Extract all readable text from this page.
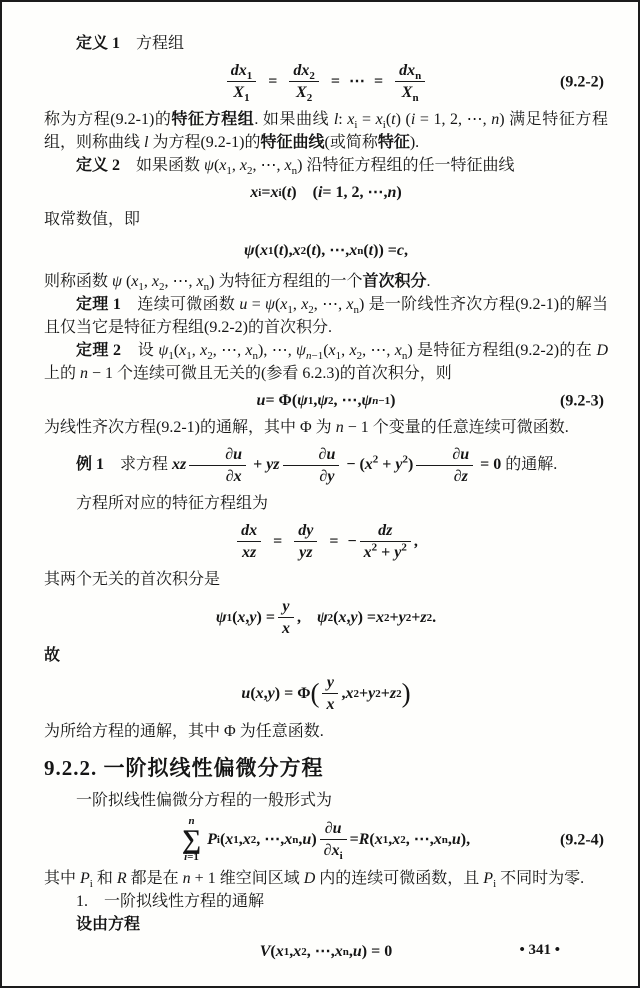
定义 1　方程组

$\frac{dx_1}{X_1} = \frac{dx_2}{X_2}$ = ⋯ =
$dx_n$
$X_n$
(9.2-2)

称为方程(9.2-1)的特征方程组. 如果曲线 l: $x_i = x_i(t) (i = 1$, 2, ⋯, n) 满足特征方程组，则称曲线 l 为方程(9.2-1)的特征曲线(或简称特征).

定义 2　如果函数 $\psi(x_1$, $x_2$, ⋯, $x_n$) 沿特征方程组的任一特征曲线

x i = x i ( t ) ( i = 1, 2, ⋯, n )

取常数值，即

ψ ( x 1 ( t ), x 2 ( t ), ⋯, x n ( t )) = c ,

则称函数 ψ ($x_1$, $x_2$, ⋯, $x_n$) 为特征方程组的一个首次积分.

定理 1　连续可微函数 $u = \psi(x_1$, $x_2$, ⋯, $x_n$) 是一阶线性齐次方程(9.2-1)的解当且仅当它是特征方程组(9.2-2)的首次积分.

定理 2　设 $\psi_1(x_1$, $x_2$, ⋯, $x_n$), ⋯, $\psi_{n-1}(x_1$, $x_2$, ⋯, $x_n$) 是特征方程组(9.2-2)的在 D 上的 n − 1 个连续可微且无关的(参看 6.2.3)的首次积分，则

u = Φ( ψ 1 , ψ 2 , ⋯, ψ n−1 )	(9.2-3)

为线性齐次方程(9.2-1)的通解，其中 Φ 为 n − 1 个变量的任意连续可微函数.

例 1　求方程 xz $\frac{\partial u}{\partial x}$ + yz $\frac{\partial u}{\partial y} - (x^2 + y^2) \frac{\partial u}{\partial z} = 0$ 的通解.

方程所对应的特征方程组为

$\frac{dx}{xz} = \frac{dy}{yz}$ = − $\frac{dz}{x^2 + y^2}$ ,

其两个无关的首次积分是

ψ 1 ( x , y ) =
y
x
,  ψ 2 ( x , y ) = x 2 + y 2 + z 2 .

故

u ( x , y ) = Φ ( y
x
, x 2 + y 2 + z 2 )

为所给方程的通解，其中 Φ 为任意函数.

9.2.2. 一阶拟线性偏微分方程

一阶拟线性偏微分方程的一般形式为

n
∑
i=1
P i ( x 1 , x 2 , ⋯, x n , u )
∂u
$\partial x_i$
= R ( x 1 , x 2 , ⋯, x n , u ),	(9.2-4)

其中 $P_i$ 和 R 都是在 n + 1 维空间区域 D 内的连续可微函数，且 $P_i$ 不同时为零.

1.　一阶拟线性方程的通解

设由方程

V ( x 1 , x 2 , ⋯, x n , u ) = 0	• 341 •
